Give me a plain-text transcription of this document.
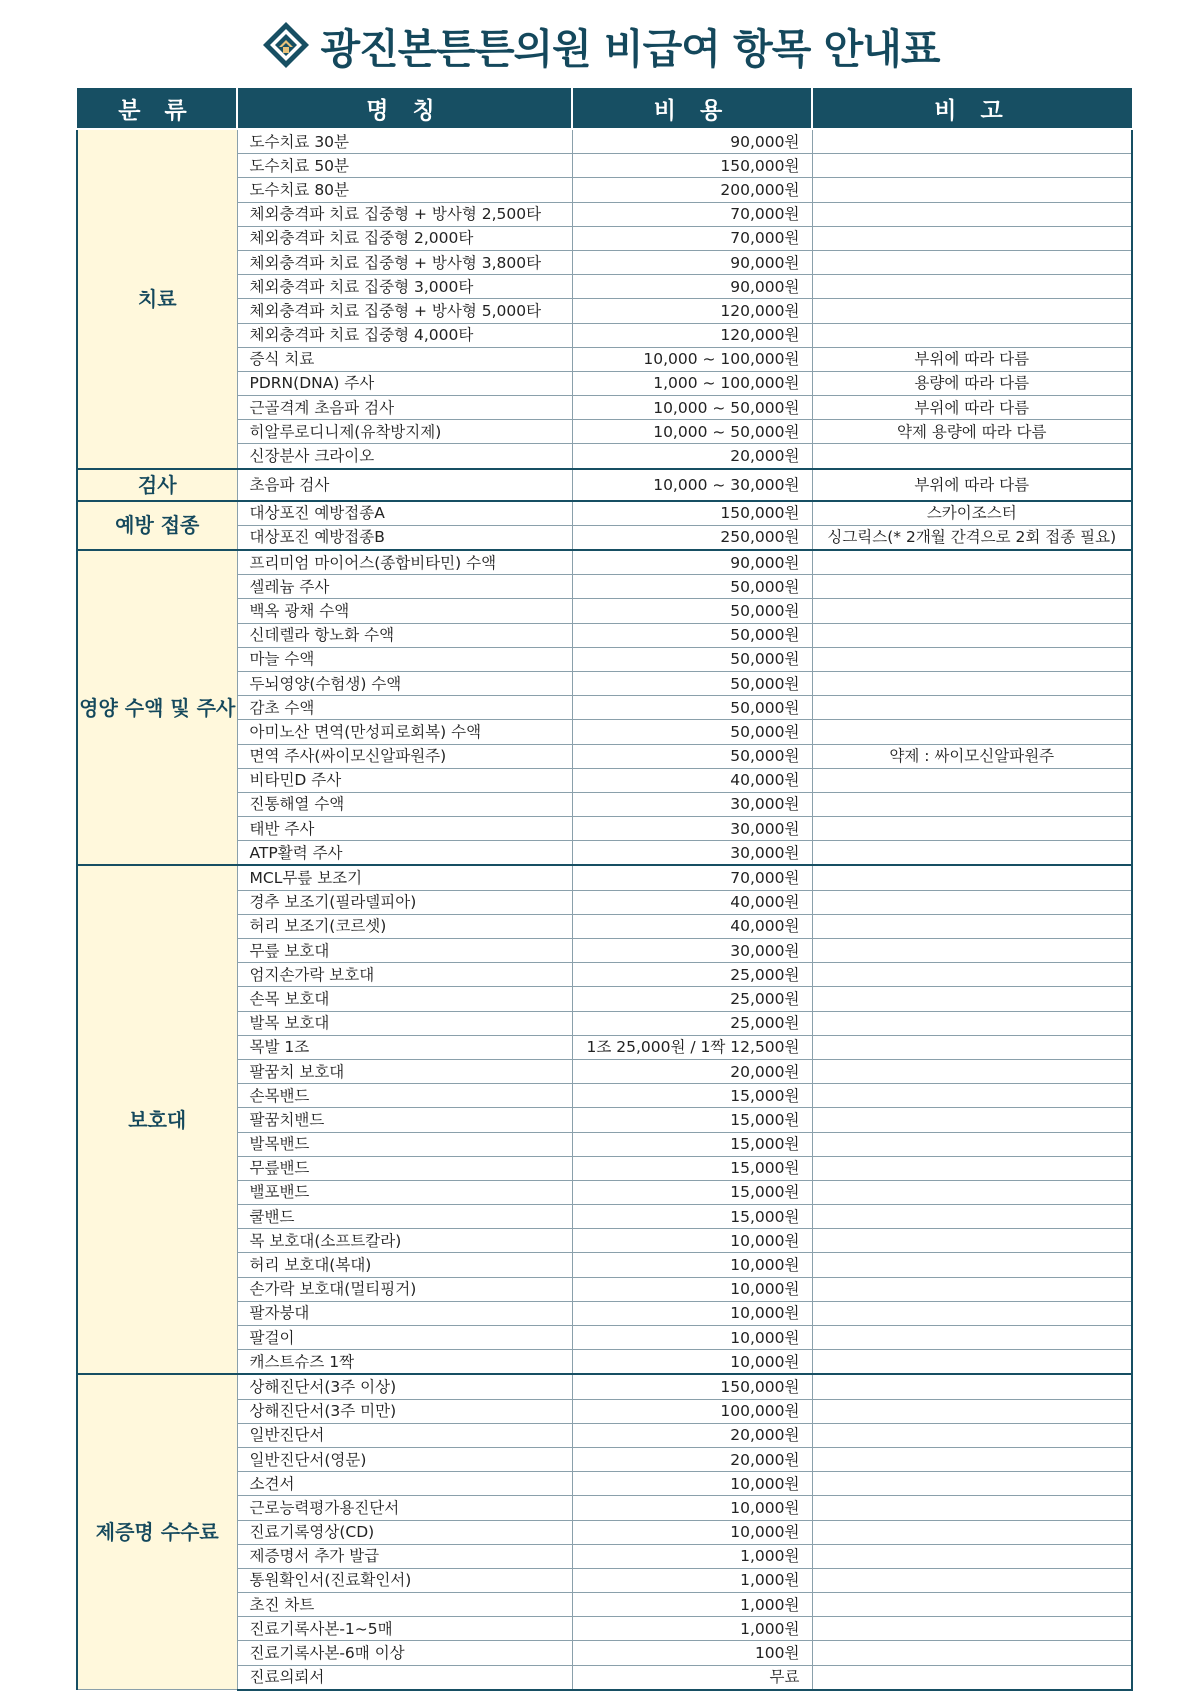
광진본튼튼의원 비급여 항목 안내표
분 류	명 칭	비 용	비 고
치료	도수치료 30분	90,000원	
	도수치료 50분	150,000원	
	도수치료 80분	200,000원	
	체외충격파 치료 집중형 + 방사형 2,500타	70,000원	
	체외충격파 치료 집중형 2,000타	70,000원	
	체외충격파 치료 집중형 + 방사형 3,800타	90,000원	
	체외충격파 치료 집중형 3,000타	90,000원	
	체외충격파 치료 집중형 + 방사형 5,000타	120,000원	
	체외충격파 치료 집중형 4,000타	120,000원	
	증식 치료	10,000 ~ 100,000원	부위에 따라 다름
	PDRN(DNA) 주사	1,000 ~ 100,000원	용량에 따라 다름
	근골격계 초음파 검사	10,000 ~ 50,000원	부위에 따라 다름
	히알루로디니제(유착방지제)	10,000 ~ 50,000원	약제 용량에 따라 다름
	신장분사 크라이오	20,000원	
검사	초음파 검사	10,000 ~ 30,000원	부위에 따라 다름
예방 접종	대상포진 예방접종A	150,000원	스카이조스터
	대상포진 예방접종B	250,000원	싱그릭스(* 2개월 간격으로 2회 접종 필요)
영양 수액 및 주사	프리미엄 마이어스(종합비타민) 수액	90,000원	
	셀레늄 주사	50,000원	
	백옥 광채 수액	50,000원	
	신데렐라 항노화 수액	50,000원	
	마늘 수액	50,000원	
	두뇌영양(수험생) 수액	50,000원	
	감초 수액	50,000원	
	아미노산 면역(만성피로회복) 수액	50,000원	
	면역 주사(싸이모신알파원주)	50,000원	약제 : 싸이모신알파원주
	비타민D 주사	40,000원	
	진통해열 수액	30,000원	
	태반 주사	30,000원	
	ATP활력 주사	30,000원	
보호대	MCL무릎 보조기	70,000원	
	경추 보조기(필라델피아)	40,000원	
	허리 보조기(코르셋)	40,000원	
	무릎 보호대	30,000원	
	엄지손가락 보호대	25,000원	
	손목 보호대	25,000원	
	발목 보호대	25,000원	
	목발 1조	1조 25,000원 / 1짝 12,500원	
	팔꿈치 보호대	20,000원	
	손목밴드	15,000원	
	팔꿈치밴드	15,000원	
	발목밴드	15,000원	
	무릎밴드	15,000원	
	밸포밴드	15,000원	
	쿨밴드	15,000원	
	목 보호대(소프트칼라)	10,000원	
	허리 보호대(복대)	10,000원	
	손가락 보호대(멀티핑거)	10,000원	
	팔자붕대	10,000원	
	팔걸이	10,000원	
	캐스트슈즈 1짝	10,000원	
제증명 수수료	상해진단서(3주 이상)	150,000원	
	상해진단서(3주 미만)	100,000원	
	일반진단서	20,000원	
	일반진단서(영문)	20,000원	
	소견서	10,000원	
	근로능력평가용진단서	10,000원	
	진료기록영상(CD)	10,000원	
	제증명서 추가 발급	1,000원	
	통원확인서(진료확인서)	1,000원	
	초진 차트	1,000원	
	진료기록사본-1~5매	1,000원	
	진료기록사본-6매 이상	100원	
	진료의뢰서	무료	
